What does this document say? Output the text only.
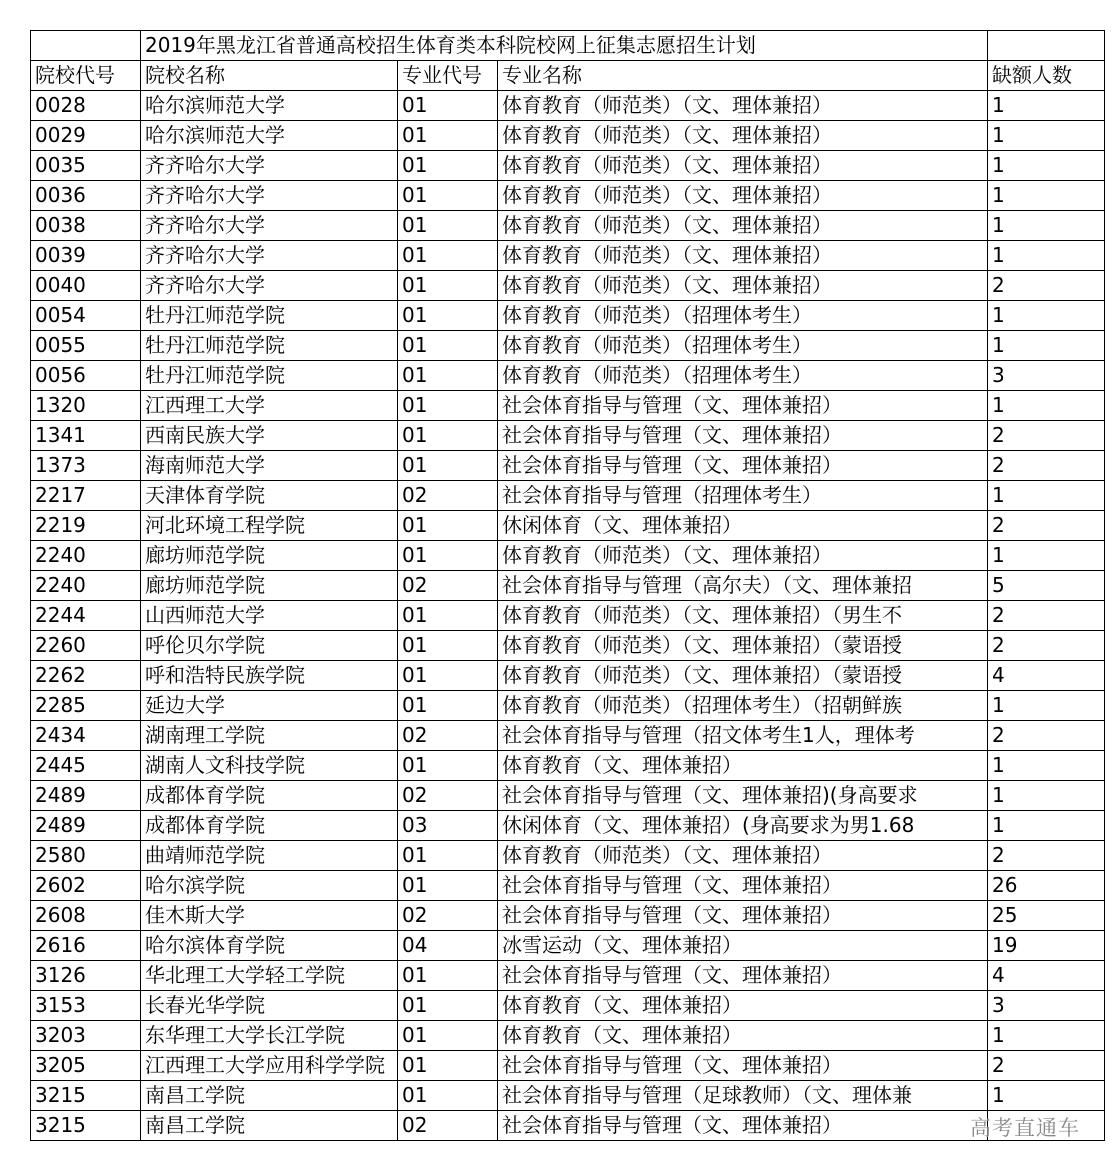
	2019年黑龙江省普通高校招生体育类本科院校网上征集志愿招生计划			
院校代号	院校名称	专业代号	专业名称	缺额人数
0028	哈尔滨师范大学	01	体育教育（师范类）（文、理体兼招）	1
0029	哈尔滨师范大学	01	体育教育（师范类）（文、理体兼招）	1
0035	齐齐哈尔大学	01	体育教育（师范类）（文、理体兼招）	1
0036	齐齐哈尔大学	01	体育教育（师范类）（文、理体兼招）	1
0038	齐齐哈尔大学	01	体育教育（师范类）（文、理体兼招）	1
0039	齐齐哈尔大学	01	体育教育（师范类）（文、理体兼招）	1
0040	齐齐哈尔大学	01	体育教育（师范类）（文、理体兼招）	2
0054	牡丹江师范学院	01	体育教育（师范类）（招理体考生）	1
0055	牡丹江师范学院	01	体育教育（师范类）（招理体考生）	1
0056	牡丹江师范学院	01	体育教育（师范类）（招理体考生）	3
1320	江西理工大学	01	社会体育指导与管理（文、理体兼招）	1
1341	西南民族大学	01	社会体育指导与管理（文、理体兼招）	2
1373	海南师范大学	01	社会体育指导与管理（文、理体兼招）	2
2217	天津体育学院	02	社会体育指导与管理（招理体考生）	1
2219	河北环境工程学院	01	休闲体育（文、理体兼招）	2
2240	廊坊师范学院	01	体育教育（师范类）（文、理体兼招）	1
2240	廊坊师范学院	02	社会体育指导与管理（高尔夫）（文、理体兼招	5
2244	山西师范大学	01	体育教育（师范类）（文、理体兼招）（男生不	2
2260	呼伦贝尔学院	01	体育教育（师范类）（文、理体兼招）（蒙语授	2
2262	呼和浩特民族学院	01	体育教育（师范类）（文、理体兼招）（蒙语授	4
2285	延边大学	01	体育教育（师范类）（招理体考生）（招朝鲜族	1
2434	湖南理工学院	02	社会体育指导与管理（招文体考生1人，理体考	2
2445	湖南人文科技学院	01	体育教育（文、理体兼招）	1
2489	成都体育学院	02	社会体育指导与管理（文、理体兼招)(身高要求	1
2489	成都体育学院	03	休闲体育（文、理体兼招）(身高要求为男1.68	1
2580	曲靖师范学院	01	体育教育（师范类）（文、理体兼招）	2
2602	哈尔滨学院	01	社会体育指导与管理（文、理体兼招）	26
2608	佳木斯大学	02	社会体育指导与管理（文、理体兼招）	25
2616	哈尔滨体育学院	04	冰雪运动（文、理体兼招）	19
3126	华北理工大学轻工学院	01	社会体育指导与管理（文、理体兼招）	4
3153	长春光华学院	01	体育教育（文、理体兼招）	3
3203	东华理工大学长江学院	01	体育教育（文、理体兼招）	1
3205	江西理工大学应用科学学院	01	社会体育指导与管理（文、理体兼招）	2
3215	南昌工学院	01	社会体育指导与管理（足球教师）（文、理体兼	1
3215	南昌工学院	02	社会体育指导与管理（文、理体兼招）		高考直通车
